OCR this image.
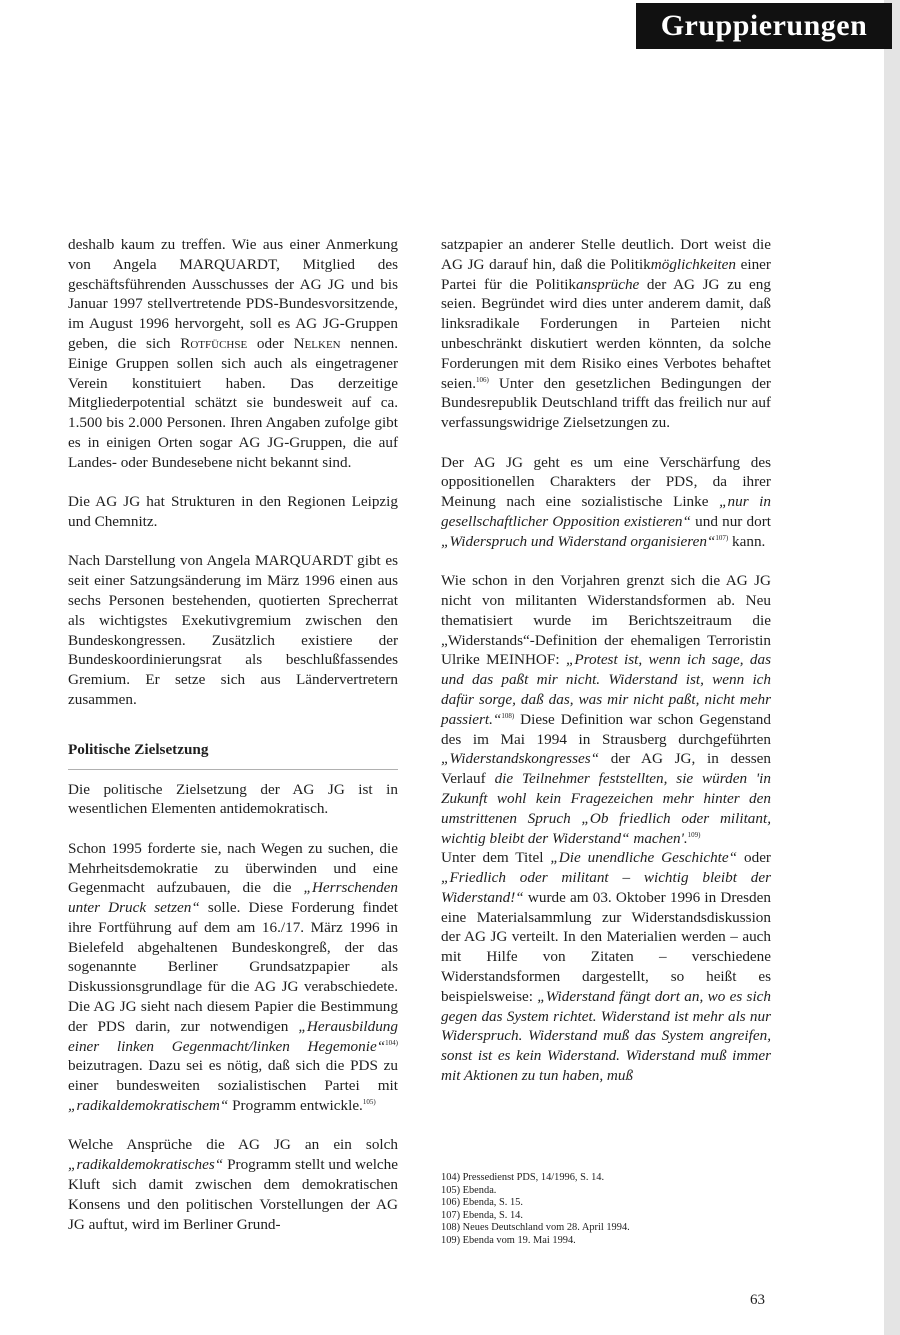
Gruppierungen

deshalb kaum zu treffen. Wie aus einer Anmerkung von Angela MARQUARDT, Mitglied des geschäftsführenden Ausschusses der AG JG und bis Januar 1997 stellvertretende PDS-Bundesvorsitzende, im August 1996 hervorgeht, soll es AG JG-Gruppen geben, die sich Rotfüchse oder Nelken nennen. Einige Gruppen sollen sich auch als eingetragener Verein konstituiert haben. Das derzeitige Mitgliederpotential schätzt sie bundesweit auf ca. 1.500 bis 2.000 Personen. Ihren Angaben zufolge gibt es in einigen Orten sogar AG JG-Gruppen, die auf Landes- oder Bundesebene nicht bekannt sind.

Die AG JG hat Strukturen in den Regionen Leipzig und Chemnitz.

Nach Darstellung von Angela MARQUARDT gibt es seit einer Satzungsänderung im März 1996 einen aus sechs Personen bestehenden, quotierten Sprecherrat als wichtigstes Exekutivgremium zwischen den Bundeskongressen. Zusätzlich existiere der Bundeskoordinierungsrat als beschlußfassendes Gremium. Er setze sich aus Ländervertretern zusammen.

Politische Zielsetzung

Die politische Zielsetzung der AG JG ist in wesentlichen Elementen antidemokratisch.

Schon 1995 forderte sie, nach Wegen zu suchen, die Mehrheitsdemokratie zu überwinden und eine Gegenmacht aufzubauen, die die „Herrschenden unter Druck setzen“ solle. Diese Forderung findet ihre Fortführung auf dem am 16./17. März 1996 in Bielefeld abgehaltenen Bundeskongreß, der das sogenannte Berliner Grundsatzpapier als Diskussionsgrundlage für die AG JG verabschiedete. Die AG JG sieht nach diesem Papier die Bestimmung der PDS darin, zur notwendigen „Herausbildung einer linken Gegenmacht/linken Hegemonie“$^{104)}$ beizutragen. Dazu sei es nötig, daß sich die PDS zu einer bundesweiten sozialistischen Partei mit „radikaldemokratischem“ Programm entwickle.$^{105)}$

Welche Ansprüche die AG JG an ein solch „radikaldemokratisches“ Programm stellt und welche Kluft sich damit zwischen dem demokratischen Konsens und den politischen Vorstellungen der AG JG auftut, wird im Berliner Grund-

satzpapier an anderer Stelle deutlich. Dort weist die AG JG darauf hin, daß die Politikmöglichkeiten einer Partei für die Politikansprüche der AG JG zu eng seien. Begründet wird dies unter anderem damit, daß linksradikale Forderungen in Parteien nicht unbeschränkt diskutiert werden könnten, da solche Forderungen mit dem Risiko eines Verbotes behaftet seien.$^{106)}$ Unter den gesetzlichen Bedingungen der Bundesrepublik Deutschland trifft das freilich nur auf verfassungswidrige Zielsetzungen zu.

Der AG JG geht es um eine Verschärfung des oppositionellen Charakters der PDS, da ihrer Meinung nach eine sozialistische Linke „nur in gesellschaftlicher Opposition existieren“ und nur dort „Widerspruch und Widerstand organisieren“$^{107)}$ kann.

Wie schon in den Vorjahren grenzt sich die AG JG nicht von militanten Widerstandsformen ab. Neu thematisiert wurde im Berichtszeitraum die „Widerstands“-Definition der ehemaligen Terroristin Ulrike MEINHOF: „Protest ist, wenn ich sage, das und das paßt mir nicht. Widerstand ist, wenn ich dafür sorge, daß das, was mir nicht paßt, nicht mehr passiert.“$^{108)}$ Diese Definition war schon Gegenstand des im Mai 1994 in Strausberg durchgeführten „Widerstandskongresses“ der AG JG, in dessen Verlauf die Teilnehmer feststellten, sie würden 'in Zukunft wohl kein Fragezeichen mehr hinter den umstrittenen Spruch „Ob friedlich oder militant, wichtig bleibt der Widerstand“ machen'.$^{109)}$
Unter dem Titel „Die unendliche Geschichte“ oder „Friedlich oder militant – wichtig bleibt der Widerstand!“ wurde am 03. Oktober 1996 in Dresden eine Materialsammlung zur Widerstandsdiskussion der AG JG verteilt. In den Materialien werden – auch mit Hilfe von Zitaten – verschiedene Widerstandsformen dargestellt, so heißt es beispielsweise: „Widerstand fängt dort an, wo es sich gegen das System richtet. Widerstand ist mehr als nur Widerspruch. Widerstand muß das System angreifen, sonst ist es kein Widerstand. Widerstand muß immer mit Aktionen zu tun haben, muß

104) Pressedienst PDS, 14/1996, S. 14.
105) Ebenda.
106) Ebenda, S. 15.
107) Ebenda, S. 14.
108) Neues Deutschland vom 28. April 1994.
109) Ebenda vom 19. Mai 1994.
63
